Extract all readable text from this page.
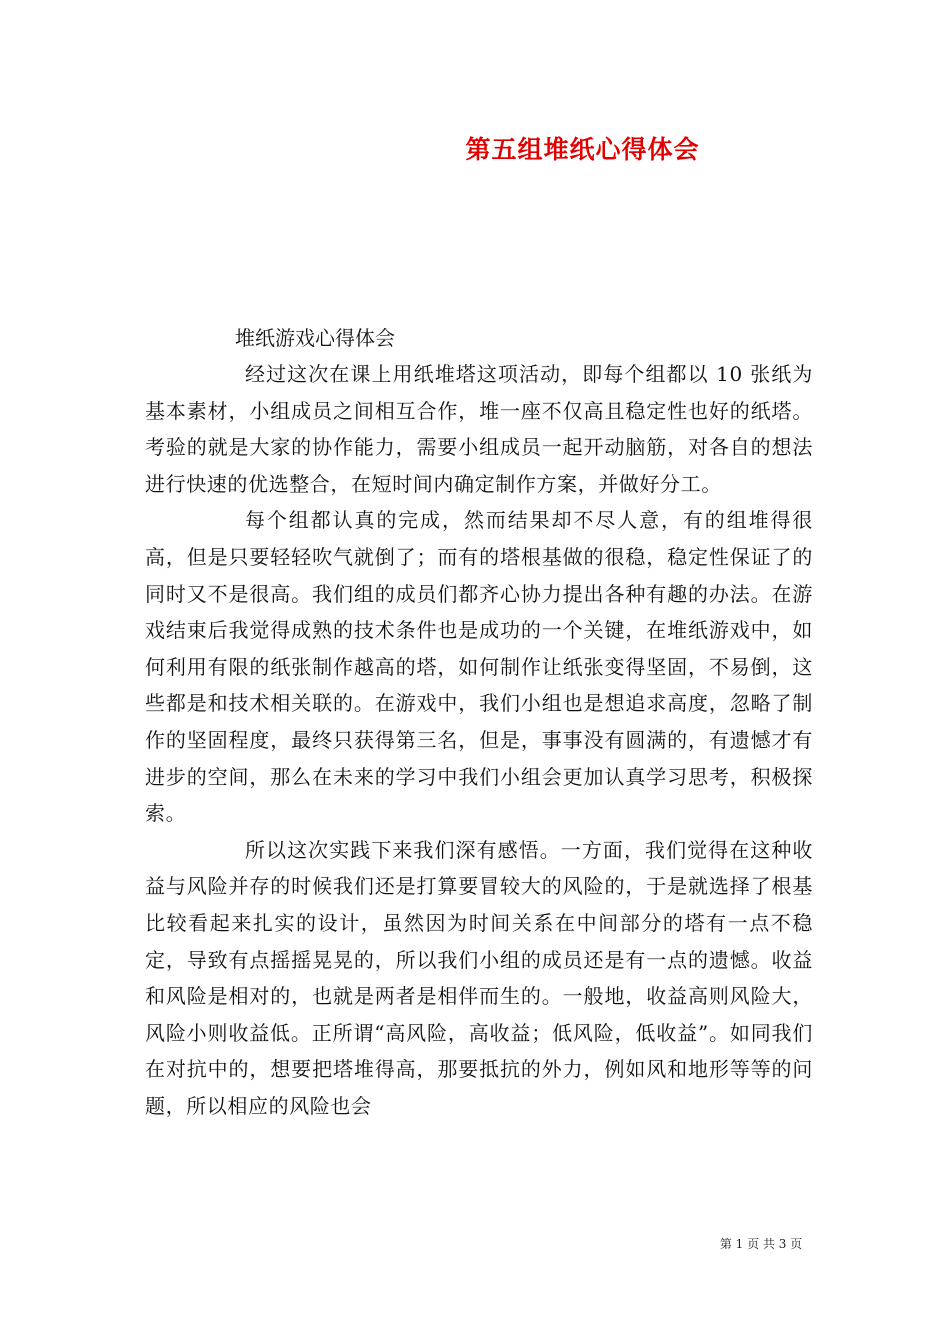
第五组堆纸心得体会

堆纸游戏心得体会

经过这次在课上用纸堆塔这项活动，即每个组都以 10 张纸为基本素材，小组成员之间相互合作，堆一座不仅高且稳定性也好的纸塔。考验的就是大家的协作能力，需要小组成员一起开动脑筋，对各自的想法进行快速的优选整合，在短时间内确定制作方案，并做好分工。

每个组都认真的完成，然而结果却不尽人意，有的组堆得很高，但是只要轻轻吹气就倒了；而有的塔根基做的很稳，稳定性保证了的同时又不是很高。我们组的成员们都齐心协力提出各种有趣的办法。在游戏结束后我觉得成熟的技术条件也是成功的一个关键，在堆纸游戏中，如何利用有限的纸张制作越高的塔，如何制作让纸张变得坚固，不易倒，这些都是和技术相关联的。在游戏中，我们小组也是想追求高度，忽略了制作的坚固程度，最终只获得第三名，但是，事事没有圆满的，有遗憾才有进步的空间，那么在未来的学习中我们小组会更加认真学习思考，积极探索。

所以这次实践下来我们深有感悟。一方面，我们觉得在这种收益与风险并存的时候我们还是打算要冒较大的风险的，于是就选择了根基比较看起来扎实的设计，虽然因为时间关系在中间部分的塔有一点不稳定，导致有点摇摇晃晃的，所以我们小组的成员还是有一点的遗憾。收益和风险是相对的，也就是两者是相伴而生的。一般地，收益高则风险大，风险小则收益低。正所谓“高风险，高收益；低风险，低收益”。如同我们在对抗中的，想要把塔堆得高，那要抵抗的外力，例如风和地形等等的问题，所以相应的风险也会

第 1 页 共 3 页
